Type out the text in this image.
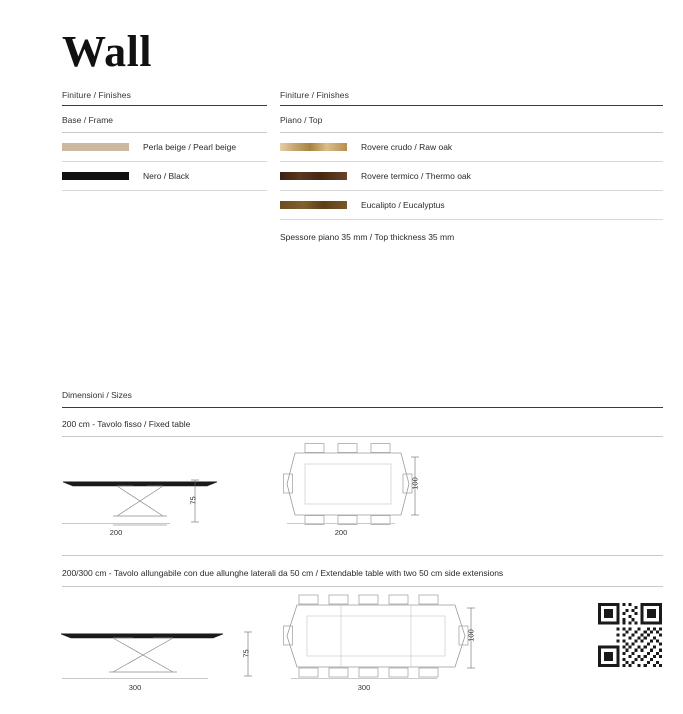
Wall
Finiture / Finishes
Base / Frame
Perla beige / Pearl beige
Nero / Black
Finiture / Finishes
Piano / Top
Rovere crudo / Raw oak
Rovere termico / Thermo oak
Eucalipto / Eucalyptus
Spessore piano 35 mm / Top thickness 35 mm
Dimensioni / Sizes
200 cm - Tavolo fisso / Fixed table
200
75
200
100
200/300 cm - Tavolo allungabile con due allunghe laterali da 50 cm / Extendable table with two 50 cm side extensions
300
75
300
100
